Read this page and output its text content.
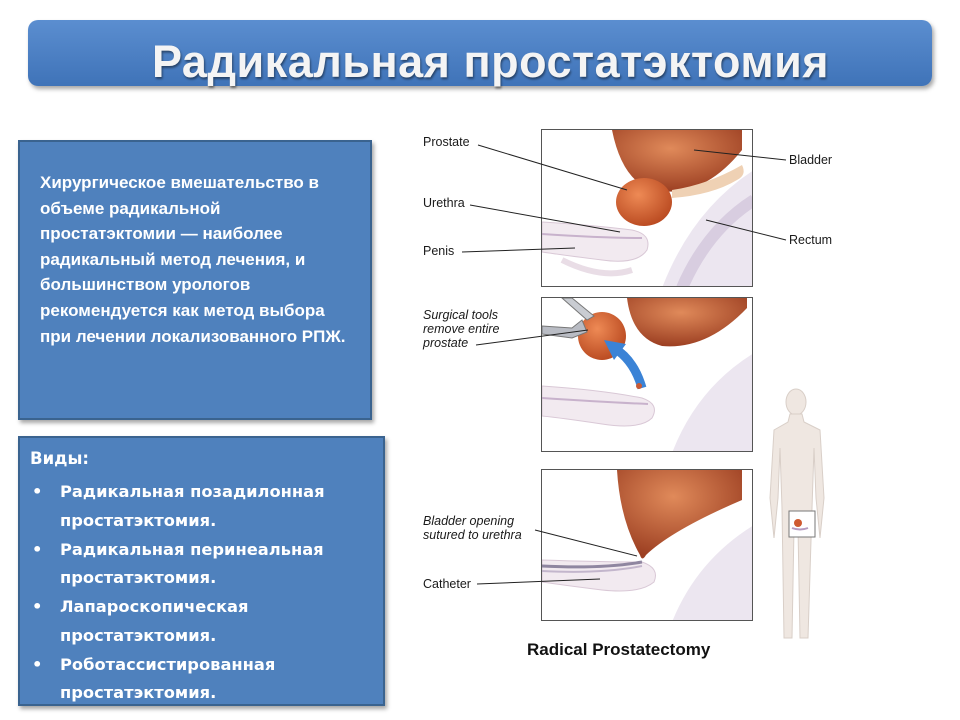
Радикальная простатэктомия
Хирургическое вмешательство в объеме радикальной простатэктомии — наиболее радикальный метод лечения, и большинством урологов рекомендуется как метод выбора при лечении локализованного РПЖ.
Виды:
• Радикальная позадилонная простатэктомия.
• Радикальная перинеальная простатэктомия.
• Лапароскопическая простатэктомия.
• Роботассистированная простатэктомия.
Prostate
Urethra
Penis
Bladder
Rectum
Surgical tools
remove entire
prostate
Bladder opening
sutured to urethra
Catheter
Radical Prostatectomy
